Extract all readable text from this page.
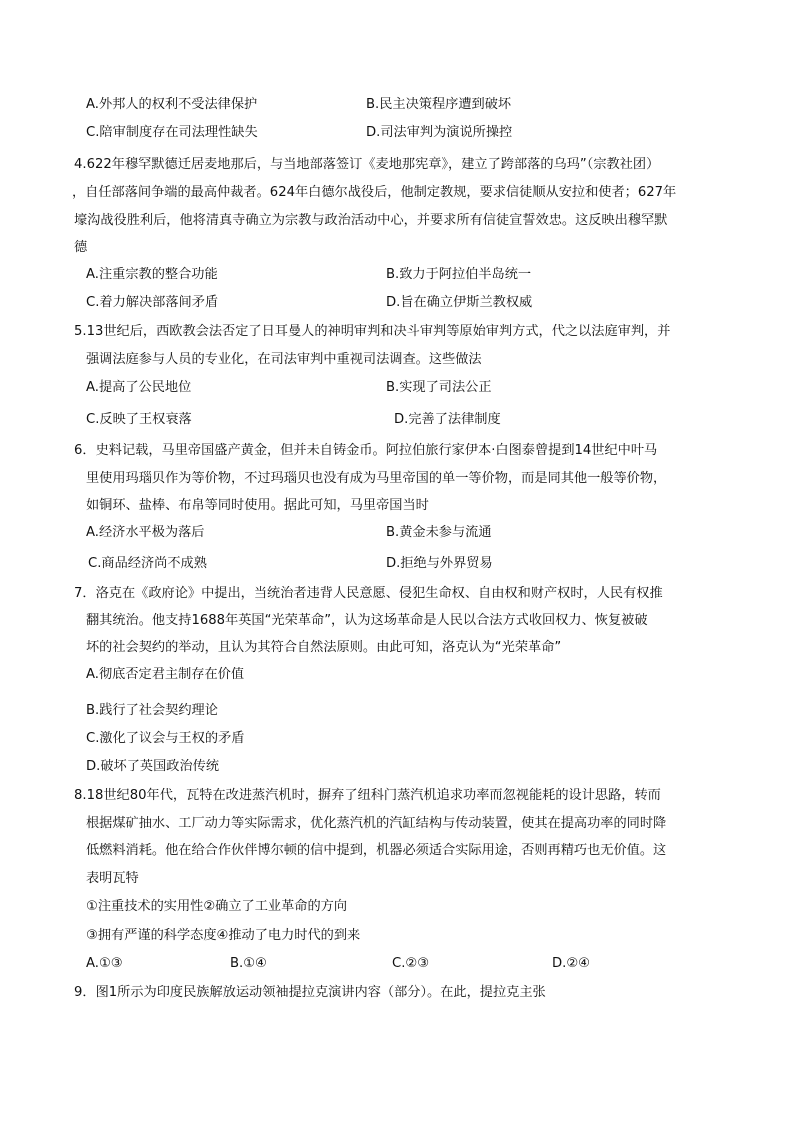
A.外邦人的权利不受法律保护	B.民主决策程序遭到破坏
C.陪审制度存在司法理性缺失	D.司法审判为演说所操控
4.622年穆罕默德迁居麦地那后，与当地部落签订《麦地那宪章》，建立了跨部落的乌玛”（宗教社团）
，自任部落间争端的最高仲裁者。624年白德尔战役后，他制定教规，要求信徒顺从安拉和使者；627年
壕沟战役胜利后，他将清真寺确立为宗教与政治活动中心，并要求所有信徒宣誓效忠。这反映出穆罕默
德
A.注重宗教的整合功能	B.致力于阿拉伯半岛统一
C.着力解决部落间矛盾	D.旨在确立伊斯兰教权威
5.13世纪后，西欧教会法否定了日耳曼人的神明审判和决斗审判等原始审判方式，代之以法庭审判，并
强调法庭参与人员的专业化，在司法审判中重视司法调查。这些做法
A.提高了公民地位	B.实现了司法公正
C.反映了王权衰落	D.完善了法律制度
6．史料记载，马里帝国盛产黄金，但并未自铸金币。阿拉伯旅行家伊本·白图泰曾提到14世纪中叶马
里使用玛瑙贝作为等价物，不过玛瑙贝也没有成为马里帝国的单一等价物，而是同其他一般等价物，
如铜环、盐棒、布帛等同时使用。据此可知，马里帝国当时
A.经济水平极为落后	B.黄金未参与流通
C.商品经济尚不成熟	D.拒绝与外界贸易
7．洛克在《政府论》中提出，当统治者违背人民意愿、侵犯生命权、自由权和财产权时，人民有权推
翻其统治。他支持1688年英国“光荣革命”，认为这场革命是人民以合法方式收回权力、恢复被破
坏的社会契约的举动，且认为其符合自然法原则。由此可知，洛克认为“光荣革命”
A.彻底否定君主制存在价值
B.践行了社会契约理论
C.激化了议会与王权的矛盾
D.破坏了英国政治传统
8.18世纪80年代，瓦特在改进蒸汽机时，摒弃了纽科门蒸汽机追求功率而忽视能耗的设计思路，转而
根据煤矿抽水、工厂动力等实际需求，优化蒸汽机的汽缸结构与传动装置，使其在提高功率的同时降
低燃料消耗。他在给合作伙伴博尔顿的信中提到，机器必须适合实际用途，否则再精巧也无价值。这
表明瓦特
①注重技术的实用性②确立了工业革命的方向
③拥有严谨的科学态度④推动了电力时代的到来
A.①③	B.①④	C.②③	D.②④
9．图1所示为印度民族解放运动领袖提拉克演讲内容（部分）。在此，提拉克主张
